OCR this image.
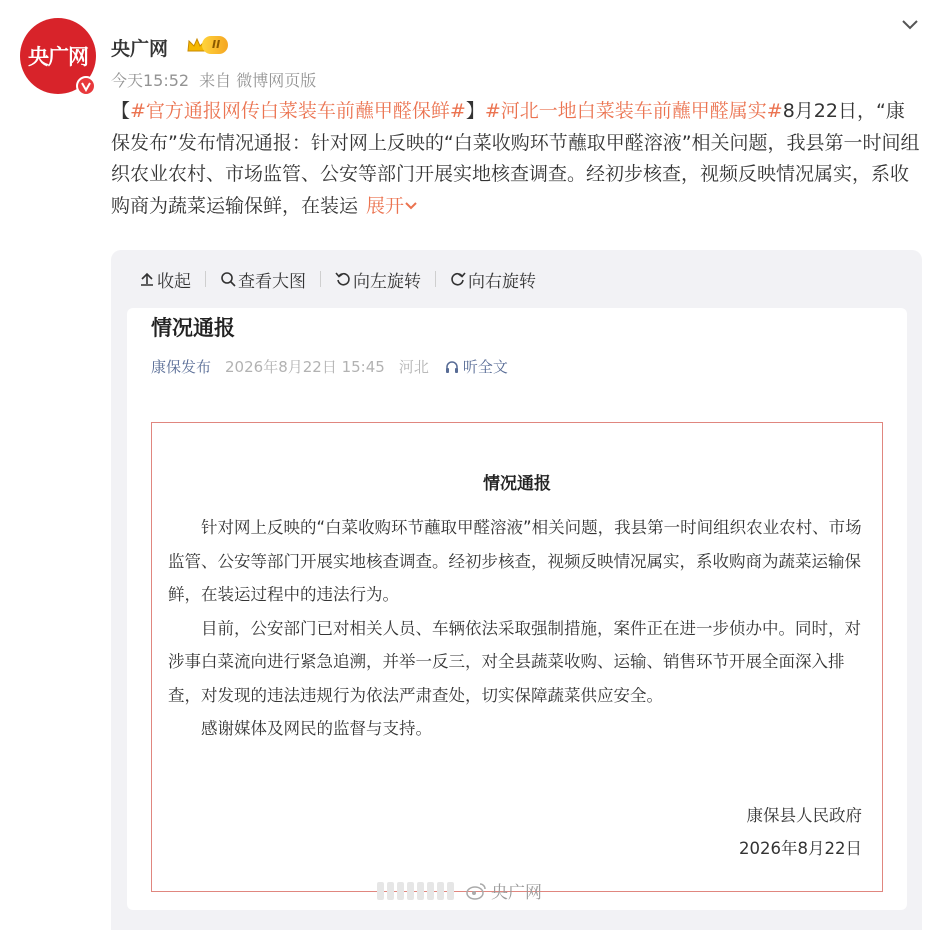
央广网 央广网	II
今天15:52 来自 微博网页版
【#官方通报网传白菜装车前蘸甲醛保鲜#】#河北一地白菜装车前蘸甲醛属实#8月22日，“康保发布”发布情况通报：针对网上反映的“白菜收购环节蘸取甲醛溶液”相关问题，我县第一时间组织农业农村、市场监管、公安等部门开展实地核查调查。经初步核查，视频反映情况属实，系收购商为蔬菜运输保鲜，在装运 展开
收起	查看大图	向左旋转	向右旋转
情况通报
康保发布 2026年8月22日 15:45 河北 听全文
情况通报

针对网上反映的“白菜收购环节蘸取甲醛溶液”相关问题，我县第一时间组织农业农村、市场监管、公安等部门开展实地核查调查。经初步核查，视频反映情况属实，系收购商为蔬菜运输保鲜，在装运过程中的违法行为。

目前，公安部门已对相关人员、车辆依法采取强制措施，案件正在进一步侦办中。同时，对涉事白菜流向进行紧急追溯，并举一反三，对全县蔬菜收购、运输、销售环节开展全面深入排查，对发现的违法违规行为依法严肃查处，切实保障蔬菜供应安全。

感谢媒体及网民的监督与支持。

康保县人民政府
2026年8月22日
央广网
